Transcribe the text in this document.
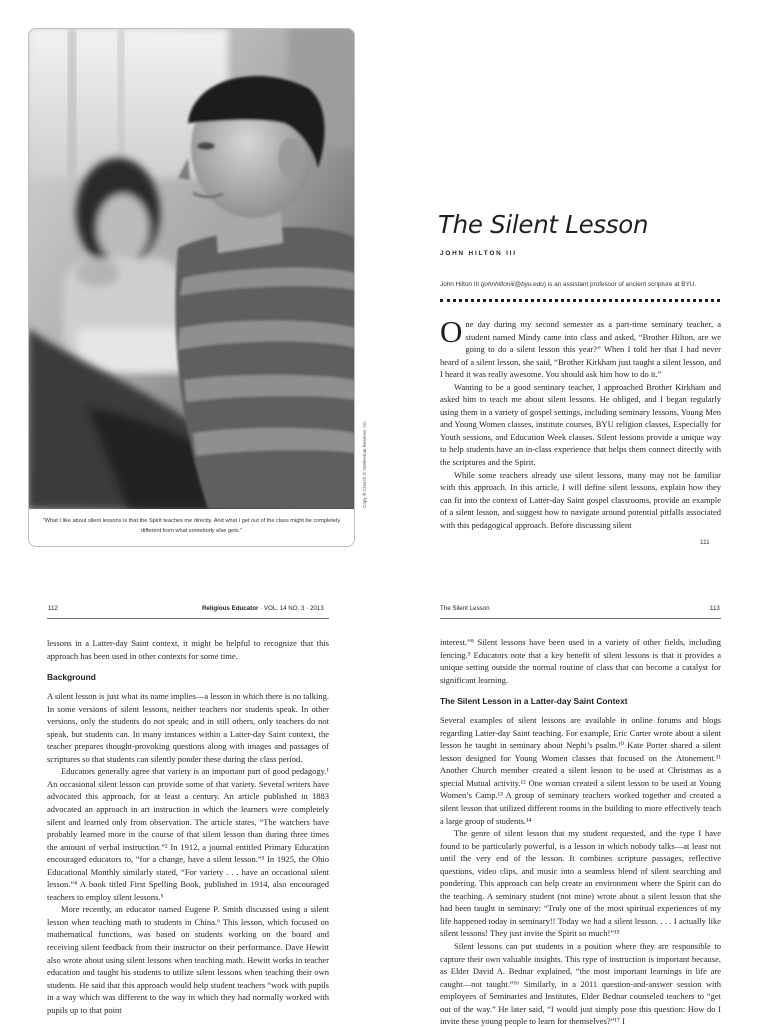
“What I like about silent lessons is that the Spirit teaches me directly. And what I get out of the class might be completely different from what somebody else gets.”
Copy ® Church © Intellectual Reserve, Inc.
The Silent Lesson
JOHN HILTON III
John Hilton III (johnhiltoniii@byu.edu) is an assistant professor of ancient scripture at BYU.

One day during my second semester as a part-time seminary teacher, a student named Mindy came into class and asked, “Brother Hilton, are we going to do a silent lesson this year?” When I told her that I had never heard of a silent lesson, she said, “Brother Kirkham just taught a silent lesson, and I heard it was really awesome. You should ask him how to do it.”

Wanting to be a good seminary teacher, I approached Brother Kirkham and asked him to teach me about silent lessons. He obliged, and I began regularly using them in a variety of gospel settings, including seminary lessons, Young Men and Young Women classes, institute courses, BYU religion classes, Especially for Youth sessions, and Education Week classes. Silent lessons provide a unique way to help students have an in-class experience that helps them connect directly with the scriptures and the Spirit.

While some teachers already use silent lessons, many may not be familiar with this approach. In this article, I will define silent lessons, explain how they can fit into the context of Latter-day Saint gospel classrooms, provide an example of a silent lesson, and suggest how to navigate around potential pitfalls associated with this pedagogical approach. Before discussing silent

111
112	Religious Educator · VOL. 14 NO. 3 · 2013

lessons in a Latter-day Saint context, it might be helpful to recognize that this approach has been used in other contexts for some time.

Background

A silent lesson is just what its name implies—a lesson in which there is no talking. In some versions of silent lessons, neither teachers nor students speak. In other versions, only the students do not speak; and in still others, only teachers do not speak, but students can. In many instances within a Latter-day Saint context, the teacher prepares thought-provoking questions along with images and passages of scriptures so that students can silently ponder these during the class period.

Educators generally agree that variety is an important part of good pedagogy.¹ An occasional silent lesson can provide some of that variety. Several writers have advocated this approach, for at least a century. An article published in 1883 advocated an approach in art instruction in which the learners were completely silent and learned only from observation. The article states, “The watchers have probably learned more in the course of that silent lesson than during three times the amount of verbal instruction.”² In 1912, a journal entitled Primary Education encouraged educators to, “for a change, have a silent lesson.”³ In 1925, the Ohio Educational Monthly similarly stated, “For variety . . . have an occasional silent lesson.”⁴ A book titled First Spelling Book, published in 1914, also encouraged teachers to employ silent lessons.⁵

More recently, an educator named Eugene P. Smith discussed using a silent lesson when teaching math to students in China.⁶ This lesson, which focused on mathematical functions, was based on students working on the board and receiving silent feedback from their instructor on their performance. Dave Hewitt also wrote about using silent lessons when teaching math. Hewitt works in teacher education and taught his students to utilize silent lessons when teaching their own students. He said that this approach would help student teachers “work with pupils in a way which was different to the way in which they had normally worked with pupils up to that point

The Silent Lesson	113

interest.”⁸ Silent lessons have been used in a variety of other fields, including fencing.⁹ Educators note that a key benefit of silent lessons is that it provides a unique setting outside the normal routine of class that can become a catalyst for significant learning.

The Silent Lesson in a Latter-day Saint Context

Several examples of silent lessons are available in online forums and blogs regarding Latter-day Saint teaching. For example, Eric Carter wrote about a silent lesson he taught in seminary about Nephi’s psalm.¹⁰ Kate Porter shared a silent lesson designed for Young Women classes that focused on the Atonement.¹¹ Another Church member created a silent lesson to be used at Christmas as a special Mutual activity.¹² One woman created a silent lesson to be used at Young Women’s Camp.¹³ A group of seminary teachers worked together and created a silent lesson that utilized different rooms in the building to more effectively teach a large group of students.¹⁴

The genre of silent lesson that my student requested, and the type I have found to be particularly powerful, is a lesson in which nobody talks—at least not until the very end of the lesson. It combines scripture passages, reflective questions, video clips, and music into a seamless blend of silent searching and pondering. This approach can help create an environment where the Spirit can do the teaching. A seminary student (not mine) wrote about a silent lesson that she had been taught in seminary: “Truly one of the most spiritual experiences of my life happened today in seminary!! Today we had a silent lesson. . . . I actually like silent lessons! They just invite the Spirit so much!”¹⁵

Silent lessons can put students in a position where they are responsible to capture their own valuable insights. This type of instruction is important because, as Elder David A. Bednar explained, “the most important learnings in life are caught—not taught.”¹⁶ Similarly, in a 2011 question-and-answer session with employees of Seminaries and Institutes, Elder Bednar counseled teachers to “get out of the way.” He later said, “I would just simply pose this question: How do I invite these young people to learn for themselves?”¹⁷ I
